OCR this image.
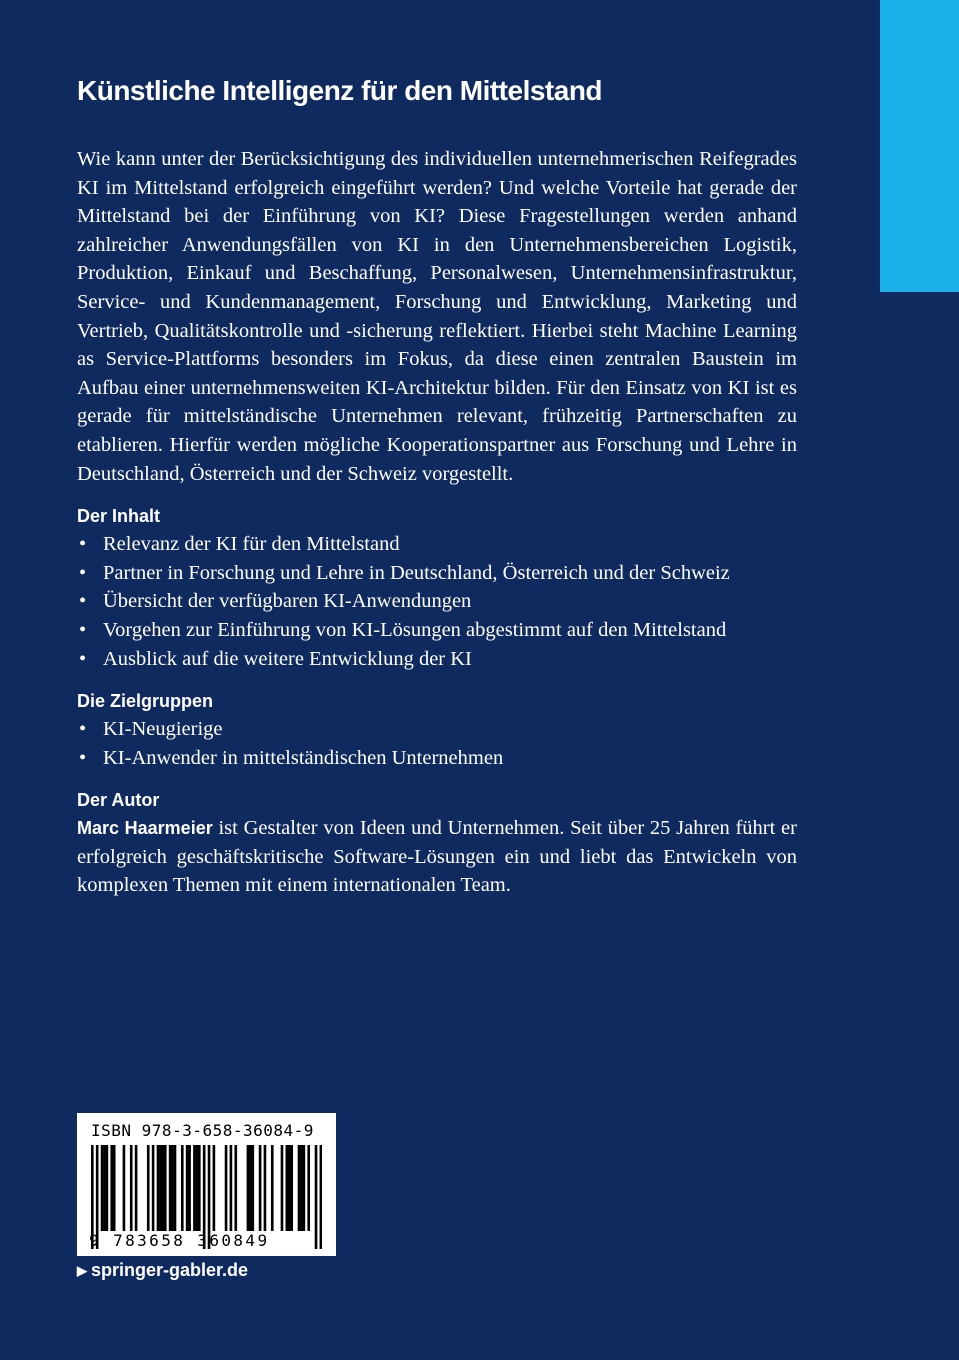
Künstliche Intelligenz für den Mittelstand

Wie kann unter der Berücksichtigung des individuellen unternehmerischen Reifegrades KI im Mittelstand erfolgreich eingeführt werden? Und welche Vorteile hat gerade der Mittelstand bei der Einführung von KI? Diese Fragestellungen werden anhand zahlreicher Anwendungsfällen von KI in den Unternehmensbereichen Logistik, Produktion, Einkauf und Beschaffung, Personalwesen, Unternehmensinfrastruktur, Service- und Kundenmanagement, Forschung und Entwicklung, Marketing und Vertrieb, Qualitätskontrolle und -sicherung reflektiert. Hierbei steht Machine Learning as Service-Plattforms besonders im Fokus, da diese einen zentralen Baustein im Aufbau einer unternehmensweiten KI-Architektur bilden. Für den Einsatz von KI ist es gerade für mittelständische Unternehmen relevant, frühzeitig Partnerschaften zu etablieren. Hierfür werden mögliche Kooperationspartner aus Forschung und Lehre in Deutschland, Österreich und der Schweiz vorgestellt.

Der Inhalt
• Relevanz der KI für den Mittelstand
• Partner in Forschung und Lehre in Deutschland, Österreich und der Schweiz
• Übersicht der verfügbaren KI-Anwendungen
• Vorgehen zur Einführung von KI-Lösungen abgestimmt auf den Mittelstand
• Ausblick auf die weitere Entwicklung der KI
Die Zielgruppen
• KI-Neugierige
• KI-Anwender in mittelständischen Unternehmen
Der Autor

Marc Haarmeier ist Gestalter von Ideen und Unternehmen. Seit über 25 Jahren führt er erfolgreich geschäftskritische Software-Lösungen ein und liebt das Entwickeln von komplexen Themen mit einem internationalen Team.

ISBN 978-3-658-36084-9
9 783658 360849
▶ springer-gabler.de
